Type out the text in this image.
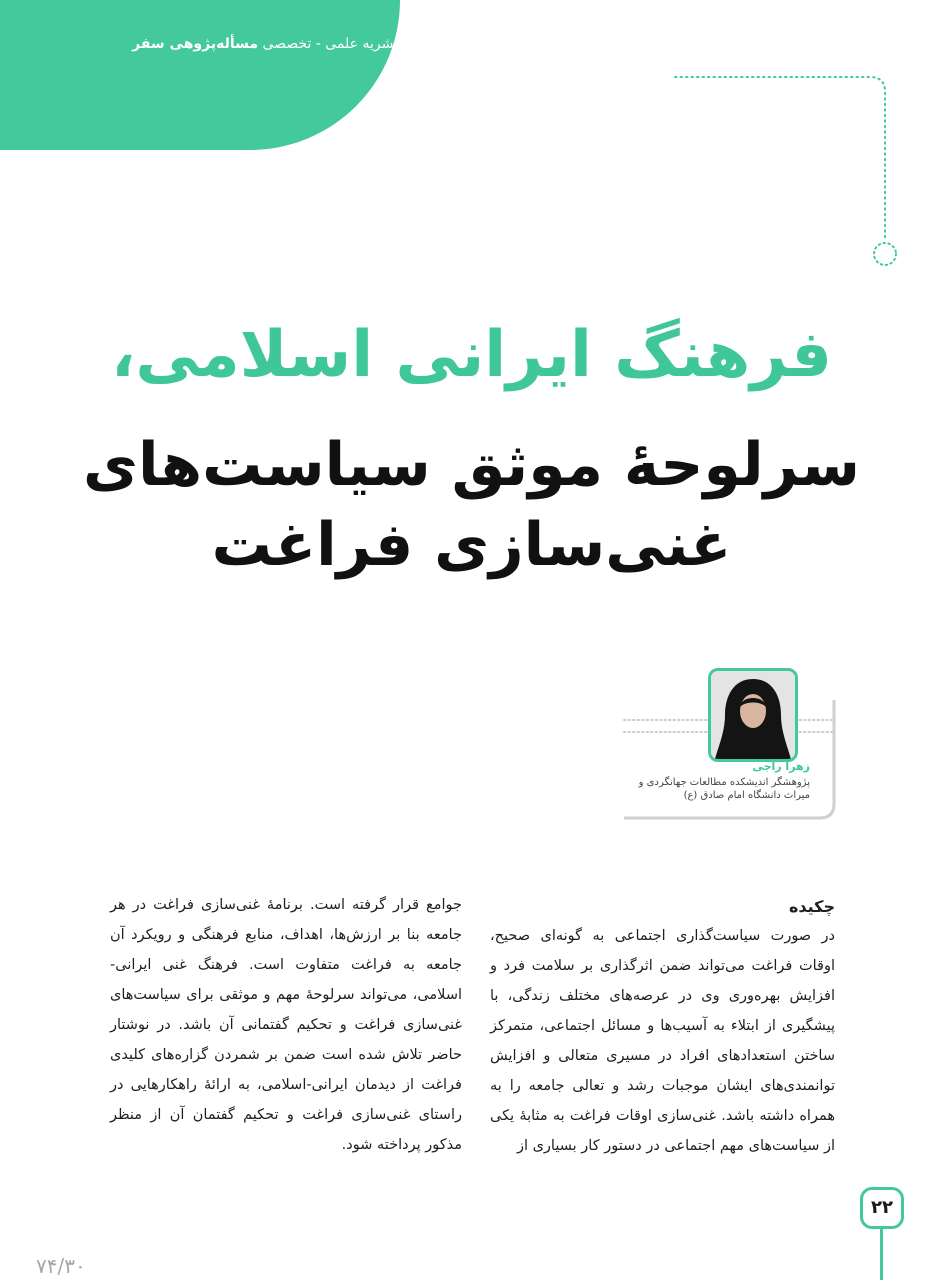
نشریه علمی - تخصصی مسأله‌پژوهی سفر
فرهنگ ایرانی اسلامی،
سرلوحۀ موثق سیاست‌های
غنی‌سازی فراغت
زهرا راجی
پژوهشگر اندیشکده مطالعات جهانگردی و میراث دانشگاه امام صادق (ع)
چکیده
در صورت سیاست‌گذاری اجتماعی به گونه‌ای صحیح، اوقات فراغت می‌تواند ضمن اثرگذاری بر سلامت فرد و افزایش بهره‌وری وی در عرصه‌های مختلف زندگی، با پیشگیری از ابتلاء به آسیب‌ها و مسائل اجتماعی، متمرکز ساختن استعدادهای افراد در مسیری متعالی و افزایش توانمندی‌های ایشان موجبات رشد و تعالی جامعه را به همراه داشته باشد. غنی‌سازی اوقات فراغت به مثابۀ یکی از سیاست‌های مهم اجتماعی در دستور کار بسیاری از
جوامع قرار گرفته است. برنامۀ غنی‌سازی فراغت در هر جامعه بنا بر ارزش‌ها، اهداف، منابع فرهنگی و رویکرد آن جامعه به فراغت متفاوت است. فرهنگ غنی ایرانی-اسلامی، می‌تواند سرلوحۀ مهم و موثقی برای سیاست‌های غنی‌سازی فراغت و تحکیم گفتمانی آن باشد. در نوشتار حاضر تلاش شده است ضمن بر شمردن گزاره‌های کلیدی فراغت از دیدمان ایرانی-اسلامی، به ارائۀ راهکارهایی در راستای غنی‌سازی فراغت و تحکیم گفتمان آن از منظر مذکور پرداخته شود.
۲۲
۷۴/۳۰
